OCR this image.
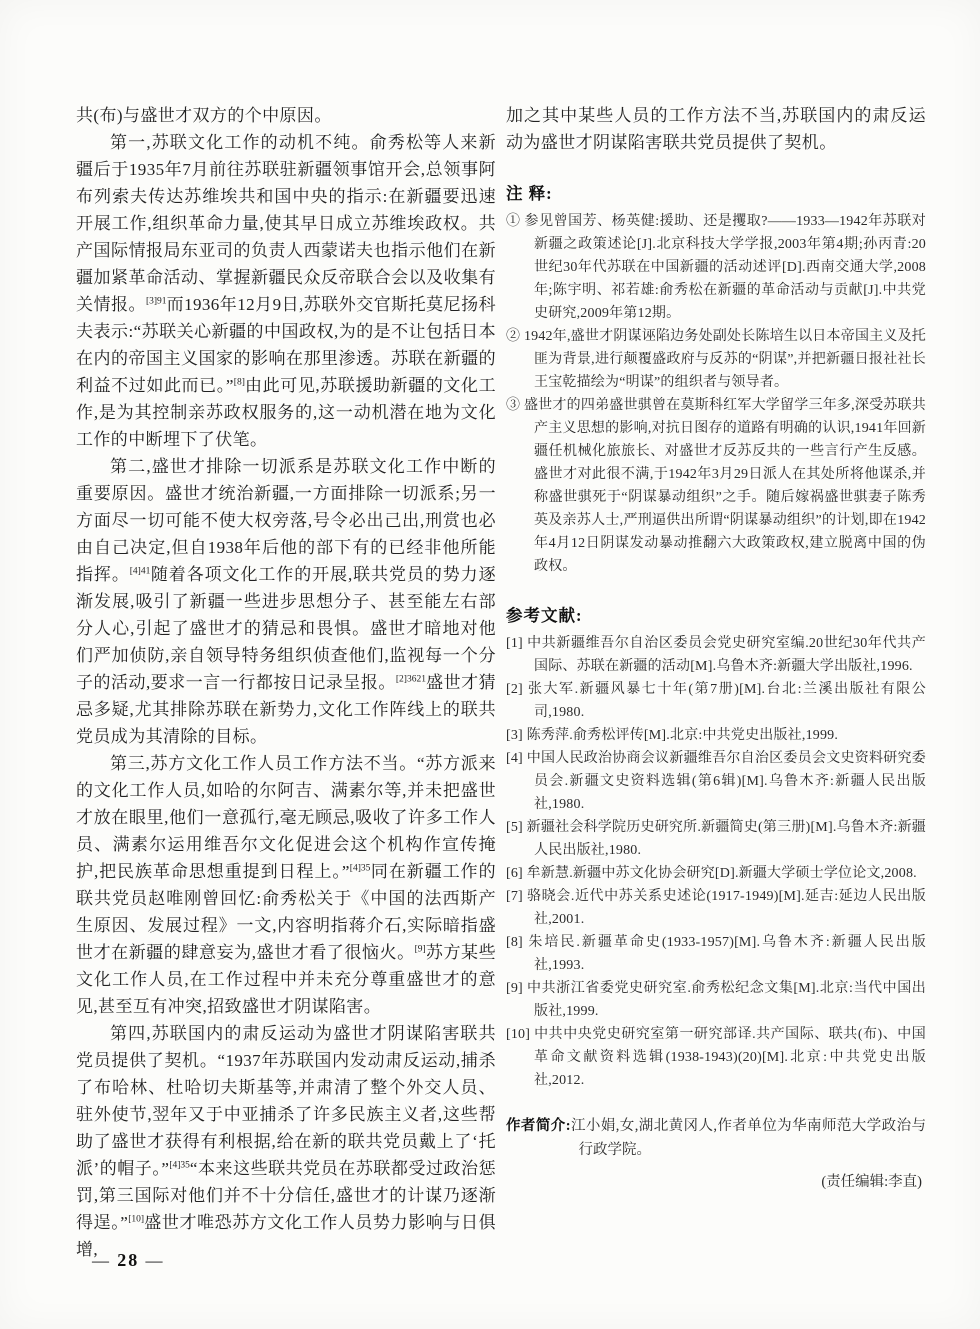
共(布)与盛世才双方的个中原因。

第一,苏联文化工作的动机不纯。俞秀松等人来新疆后于1935年7月前往苏联驻新疆领事馆开会,总领事阿布列索夫传达苏维埃共和国中央的指示:在新疆要迅速开展工作,组织革命力量,使其早日成立苏维埃政权。共产国际情报局东亚司的负责人西蒙诺夫也指示他们在新疆加紧革命活动、掌握新疆民众反帝联合会以及收集有关情报。$^{[3]91}$而1936年12月9日,苏联外交官斯托莫尼扬科夫表示:“苏联关心新疆的中国政权,为的是不让包括日本在内的帝国主义国家的影响在那里渗透。苏联在新疆的利益不过如此而已。”[8]由此可见,苏联援助新疆的文化工作,是为其控制亲苏政权服务的,这一动机潜在地为文化工作的中断埋下了伏笔。

第二,盛世才排除一切派系是苏联文化工作中断的重要原因。盛世才统治新疆,一方面排除一切派系;另一方面尽一切可能不使大权旁落,号令必出己出,刑赏也必由自己决定,但自1938年后他的部下有的已经非他所能指挥。$^{[4]41}$随着各项文化工作的开展,联共党员的势力逐渐发展,吸引了新疆一些进步思想分子、甚至能左右部分人心,引起了盛世才的猜忌和畏惧。盛世才暗地对他们严加侦防,亲自领导特务组织侦查他们,监视每一个分子的活动,要求一言一行都按日记录呈报。$^{[2]3621}$盛世才猜忌多疑,尤其排除苏联在新势力,文化工作阵线上的联共党员成为其清除的目标。

第三,苏方文化工作人员工作方法不当。“苏方派来的文化工作人员,如哈的尔阿吉、满素尔等,并未把盛世才放在眼里,他们一意孤行,毫无顾忌,吸收了许多工作人员、满素尔运用维吾尔文化促进会这个机构作宣传掩护,把民族革命思想重提到日程上。”$^{[4]35}$同在新疆工作的联共党员赵唯刚曾回忆:俞秀松关于《中国的法西斯产生原因、发展过程》一文,内容明指蒋介石,实际暗指盛世才在新疆的肆意妄为,盛世才看了很恼火。[9]苏方某些文化工作人员,在工作过程中并未充分尊重盛世才的意见,甚至互有冲突,招致盛世才阴谋陷害。

第四,苏联国内的肃反运动为盛世才阴谋陷害联共党员提供了契机。“1937年苏联国内发动肃反运动,捕杀了布哈林、杜哈切夫斯基等,并肃清了整个外交人员、驻外使节,翌年又于中亚捕杀了许多民族主义者,这些帮助了盛世才获得有利根据,给在新的联共党员戴上了‘托派’的帽子。”$^{[4]35}$“本来这些联共党员在苏联都受过政治惩罚,第三国际对他们并不十分信任,盛世才的计谋乃逐渐得逞。”[10]盛世才唯恐苏方文化工作人员势力影响与日俱增,

加之其中某些人员的工作方法不当,苏联国内的肃反运动为盛世才阴谋陷害联共党员提供了契机。

注 释:
① 参见曾国芳、杨英健:援助、还是攫取?——1933—1942年苏联对新疆之政策述论[J].北京科技大学学报,2003年第4期;孙丙青:20世纪30年代苏联在中国新疆的活动述评[D].西南交通大学,2008年;陈宇明、祁若雄:俞秀松在新疆的革命活动与贡献[J].中共党史研究,2009年第12期。
② 1942年,盛世才阴谋诬陷边务处副处长陈培生以日本帝国主义及托匪为背景,进行颠覆盛政府与反苏的“阴谋”,并把新疆日报社社长王宝乾描绘为“明谋”的组织者与领导者。
③ 盛世才的四弟盛世骐曾在莫斯科红军大学留学三年多,深受苏联共产主义思想的影响,对抗日图存的道路有明确的认识,1941年回新疆任机械化旅旅长、对盛世才反苏反共的一些言行产生反感。盛世才对此很不满,于1942年3月29日派人在其处所将他谋杀,并称盛世骐死于“阴谋暴动组织”之手。随后嫁祸盛世骐妻子陈秀英及亲苏人士,严刑逼供出所谓“阴谋暴动组织”的计划,即在1942年4月12日阴谋发动暴动推翻六大政策政权,建立脱离中国的伪政权。
参考文献:
[1] 中共新疆维吾尔自治区委员会党史研究室编.20世纪30年代共产国际、苏联在新疆的活动[M].乌鲁木齐:新疆大学出版社,1996.
[2] 张大军.新疆风暴七十年(第7册)[M].台北:兰溪出版社有限公司,1980.
[3] 陈秀萍.俞秀松评传[M].北京:中共党史出版社,1999.
[4] 中国人民政治协商会议新疆维吾尔自治区委员会文史资料研究委员会.新疆文史资料选辑(第6辑)[M].乌鲁木齐:新疆人民出版社,1980.
[5] 新疆社会科学院历史研究所.新疆简史(第三册)[M].乌鲁木齐:新疆人民出版社,1980.
[6] 牟新慧.新疆中苏文化协会研究[D].新疆大学硕士学位论文,2008.
[7] 骆晓会.近代中苏关系史述论(1917-1949)[M].延吉:延边人民出版社,2001.
[8] 朱培民.新疆革命史(1933-1957)[M].乌鲁木齐:新疆人民出版社,1993.
[9] 中共浙江省委党史研究室.俞秀松纪念文集[M].北京:当代中国出版社,1999.
[10] 中共中央党史研究室第一研究部译.共产国际、联共(布)、中国革命文献资料选辑(1938-1943)(20)[M].北京:中共党史出版社,2012.
作者简介:江小娟,女,湖北黄冈人,作者单位为华南师范大学政治与行政学院。
(责任编辑:李直)
— 28 —
